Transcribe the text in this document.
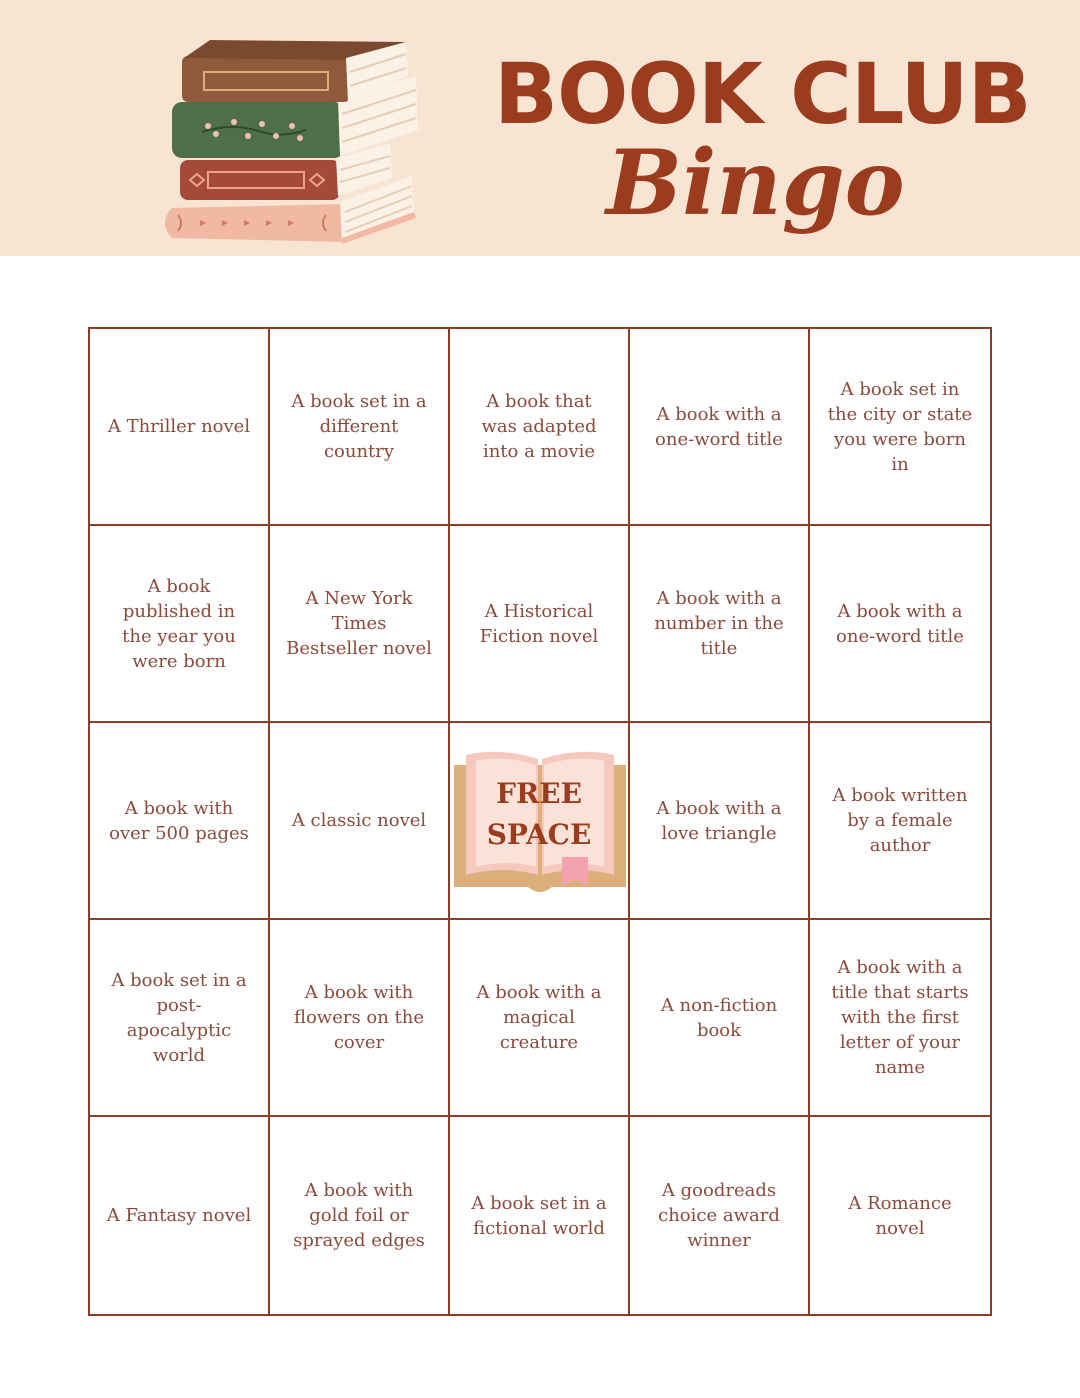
BOOK CLUB
Bingo
A Thriller novel
A book set in a different country
A book that was adapted into a movie
A book with a one-word title
A book set in the city or state you were born in
A book published in the year you were born
A New York Times Bestseller novel
A Historical Fiction novel
A book with a number in the title
A book with a one-word title
A book with over 500 pages
A classic novel
FREE SPACE
A book with a love triangle
A book written by a female author
A book set in a post-apocalyptic world
A book with flowers on the cover
A book with a magical creature
A non-fiction book
A book with a title that starts with the first letter of your name
A Fantasy novel
A book with gold foil or sprayed edges
A book set in a fictional world
A goodreads choice award winner
A Romance novel
